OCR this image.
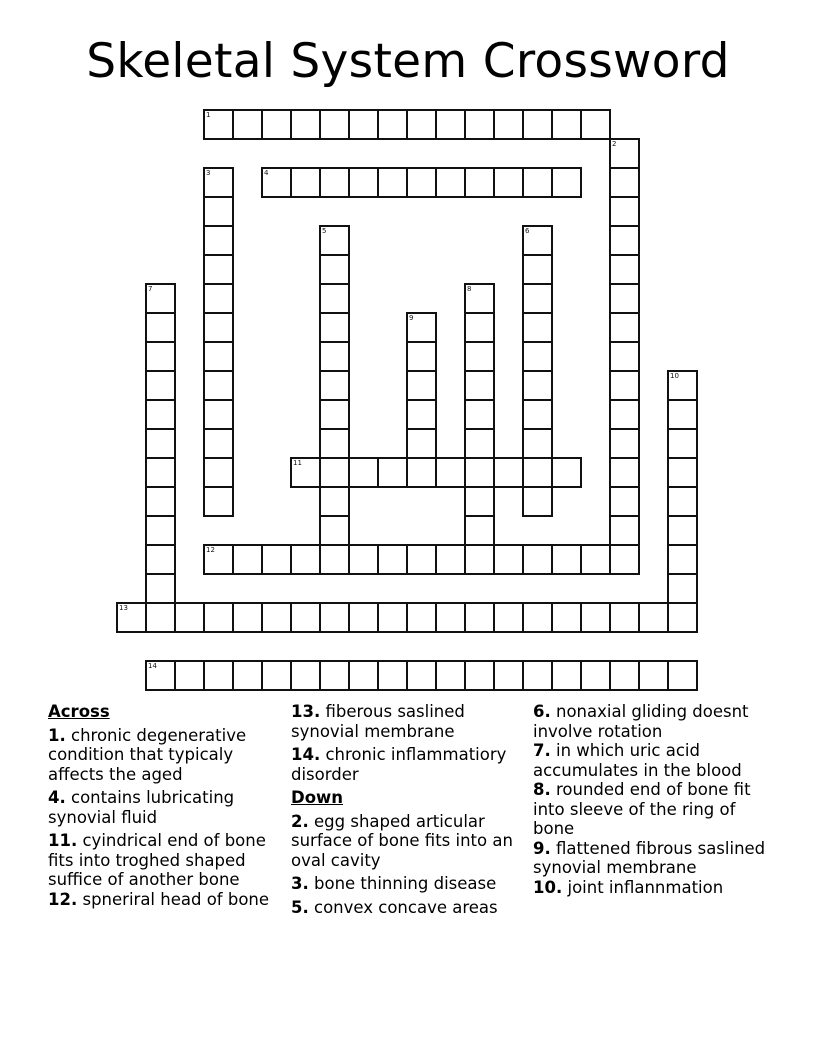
Skeletal System Crossword
1
2
3	4
5	6
7	8
9
10
11
12
13
14
Across
1. chronic degenerative condition that typicaly affects the aged
4. contains lubricating synovial fluid
11. cyindrical end of bone fits into troghed shaped suffice of another bone
12. spneriral head of bone
13. fiberous saslined synovial membrane
14. chronic inflammatiory disorder
Down
2. egg shaped articular surface of bone fits into an oval cavity
3. bone thinning disease
5. convex concave areas
6. nonaxial gliding doesnt involve rotation
7. in which uric acid accumulates in the blood
8. rounded end of bone fit into sleeve of the ring of bone
9. flattened fibrous saslined synovial membrane
10. joint inflannmation
